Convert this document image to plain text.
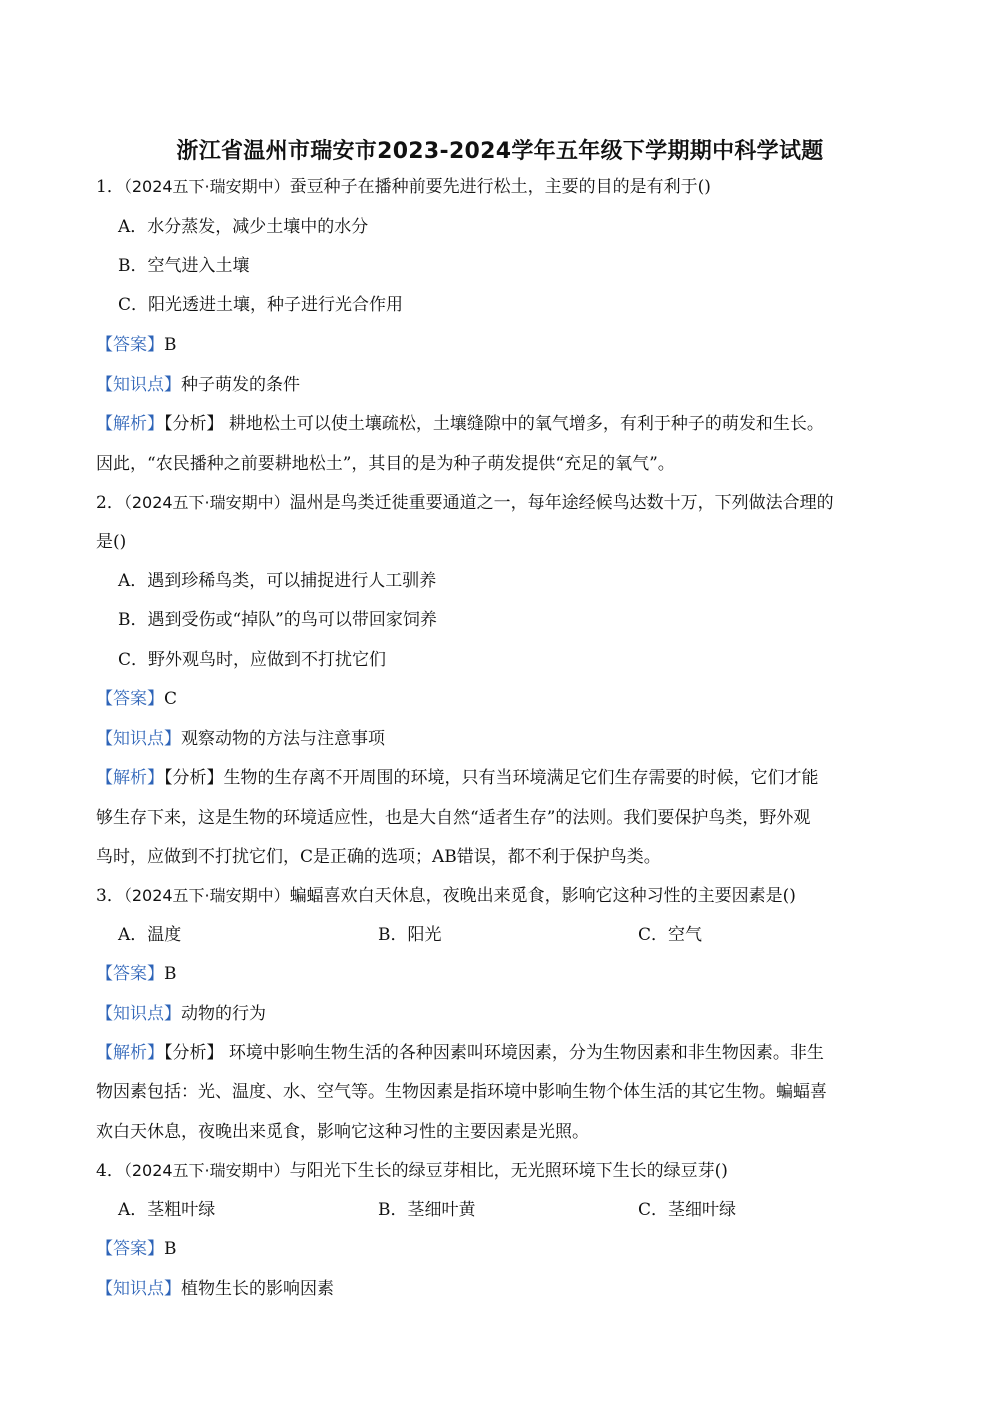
浙江省温州市瑞安市2023-2024学年五年级下学期期中科学试题
1．（2024五下·瑞安期中）蚕豆种子在播种前要先进行松土，主要的目的是有利于()
A．水分蒸发，减少土壤中的水分
B．空气进入土壤
C．阳光透进土壤，种子进行光合作用
【答案】B
【知识点】种子萌发的条件
【解析】【分析】 耕地松土可以使土壤疏松，土壤缝隙中的氧气增多，有利于种子的萌发和生长。
因此，“农民播种之前要耕地松土”，其目的是为种子萌发提供“充足的氧气”。
2．（2024五下·瑞安期中）温州是鸟类迁徙重要通道之一，每年途经候鸟达数十万，下列做法合理的
是()
A．遇到珍稀鸟类，可以捕捉进行人工驯养
B．遇到受伤或“掉队”的鸟可以带回家饲养
C．野外观鸟时，应做到不打扰它们
【答案】C
【知识点】观察动物的方法与注意事项
【解析】【分析】生物的生存离不开周围的环境，只有当环境满足它们生存需要的时候，它们才能
够生存下来，这是生物的环境适应性，也是大自然“适者生存”的法则。我们要保护鸟类，野外观
鸟时，应做到不打扰它们，C是正确的选项；AB错误，都不利于保护鸟类。
3．（2024五下·瑞安期中）蝙蝠喜欢白天休息，夜晚出来觅食，影响它这种习性的主要因素是()
A．温度	B．阳光	C．空气
【答案】B
【知识点】动物的行为
【解析】【分析】 环境中影响生物生活的各种因素叫环境因素，分为生物因素和非生物因素。非生
物因素包括：光、温度、水、空气等。生物因素是指环境中影响生物个体生活的其它生物。蝙蝠喜
欢白天休息，夜晚出来觅食，影响它这种习性的主要因素是光照。
4．（2024五下·瑞安期中）与阳光下生长的绿豆芽相比，无光照环境下生长的绿豆芽()
A．茎粗叶绿	B．茎细叶黄	C．茎细叶绿
【答案】B
【知识点】植物生长的影响因素
